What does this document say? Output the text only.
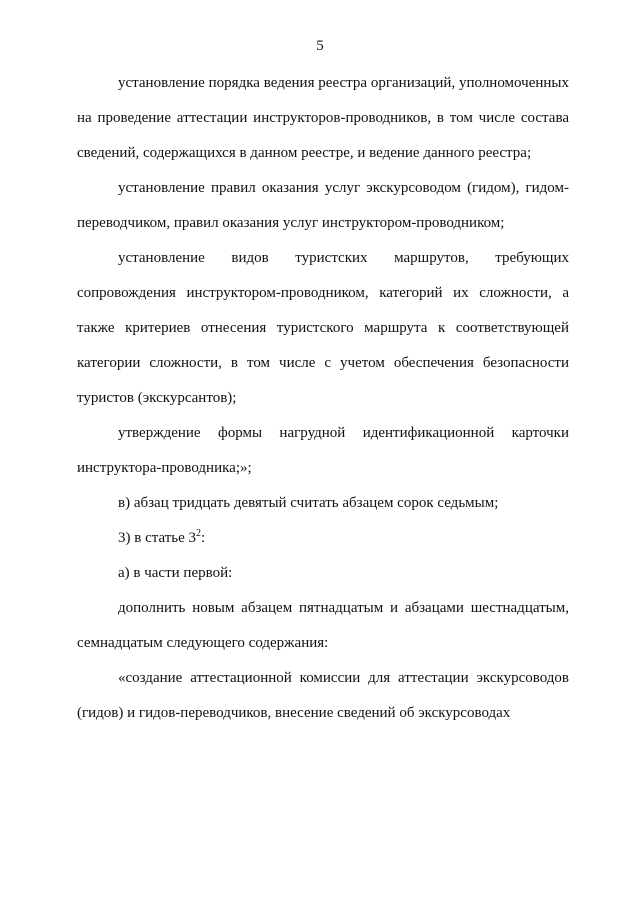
5

установление порядка ведения реестра организаций, уполномоченных на проведение аттестации инструкторов-проводников, в том числе состава сведений, содержащихся в данном реестре, и ведение данного реестра;

установление правил оказания услуг экскурсоводом (гидом), гидом-переводчиком, правил оказания услуг инструктором-проводником;

установление видов туристских маршрутов, требующих сопровождения инструктором-проводником, категорий их сложности, а также критериев отнесения туристского маршрута к соответствующей категории сложности, в том числе с учетом обеспечения безопасности туристов (экскурсантов);

утверждение формы нагрудной идентификационной карточки инструктора-проводника;»;

в) абзац тридцать девятый считать абзацем сорок седьмым;

3) в статье $3^2$:

а) в части первой:

дополнить новым абзацем пятнадцатым и абзацами шестнадцатым, семнадцатым следующего содержания:

«создание аттестационной комиссии для аттестации экскурсоводов (гидов) и гидов-переводчиков, внесение сведений об экскурсоводах
